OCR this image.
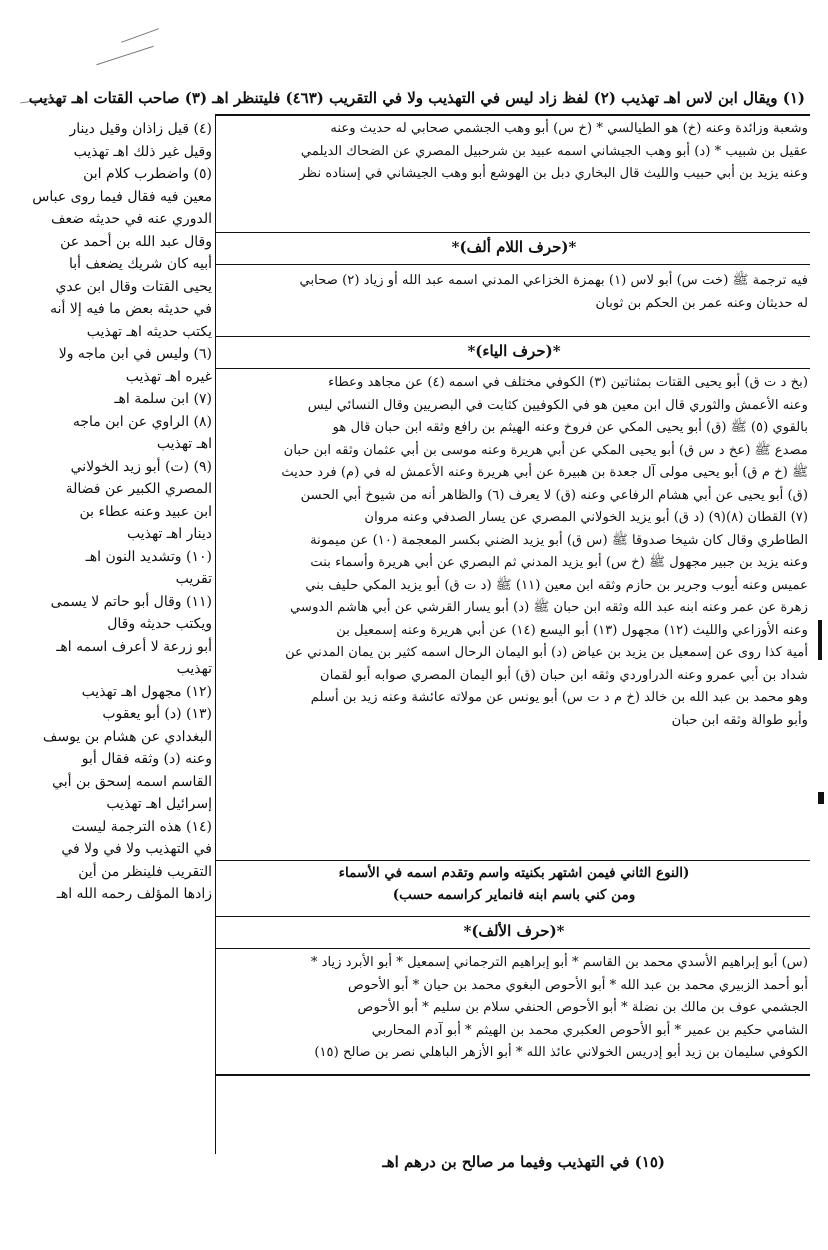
(١) ويقال ابن لاس اهـ تهذيب (٢) لفظ زاد ليس في التهذيب ولا في التقريب (٤٦٣) فليتنظر اهـ (٣) صاحب القتات اهـ تهذيب
(٤) قيل زاذان وقيل دينار
وقيل غير ذلك اهـ تهذيب
(٥) واضطرب كلام ابن
معين فيه فقال فيما روى عباس
الدوري عنه في حديثه ضعف
وقال عبد الله بن أحمد عن
أبيه كان شريك يضعف أبا
يحيى القتات وقال ابن عدي
في حديثه بعض ما فيه إلا أنه
يكتب حديثه اهـ تهذيب
(٦) وليس في ابن ماجه ولا
غيره اهـ تهذيب
(٧) ابن سلمة اهـ
(٨) الراوي عن ابن ماجه
اهـ تهذيب
(٩) (ت) أبو زيد الخولاني
المصري الكبير عن فضالة
ابن عبيد وعنه عطاء بن
دينار اهـ تهذيب
(١٠) وتشديد النون اهـ
تقريب
(١١) وقال أبو حاتم لا يسمى
ويكتب حديثه وقال
أبو زرعة لا أعرف اسمه اهـ
تهذيب
(١٢) مجهول اهـ تهذيب
(١٣) (د) أبو يعقوب
البغدادي عن هشام بن يوسف
وعنه (د) وثقه فقال أبو
القاسم اسمه إسحق بن أبي
إسرائيل اهـ تهذيب
(١٤) هذه الترجمة ليست
في التهذيب ولا في ولا في
التقريب فلينظر من أين
زادها المؤلف رحمه الله اهـ
وشعبة وزائدة وعنه (خ) هو الطيالسي * (خ س) أبو وهب الجشمي صحابي له حديث وعنه
عقيل بن شبيب * (د) أبو وهب الجيشاني اسمه عبيد بن شرحبيل المصري عن الضحاك الديلمي
وعنه يزيد بن أبي حبيب والليث قال البخاري دبل بن الهوشع أبو وهب الجيشاني في إسناده نظر
*(حرف اللام ألف)*
فيه ترجمة ﷺ (خت س) أبو لاس (١) بهمزة الخزاعي المدني اسمه عبد الله أو زياد (٢) صحابي
له حديثان وعنه عمر بن الحكم بن ثوبان
*(حرف الياء)*
(بخ د ت ق) أبو يحيى القتات بمثناتين (٣) الكوفي مختلف في اسمه (٤) عن مجاهد وعطاء
وعنه الأعمش والثوري قال ابن معين هو في الكوفيين كثابت في البصريين وقال النسائي ليس
بالقوي (٥) ﷺ (ق) أبو يحيى المكي عن فروخ وعنه الهيثم بن رافع وثقه ابن حبان قال هو
مصدع ﷺ (عخ د س ق) أبو يحيى المكي عن أبي هريرة وعنه موسى بن أبي عثمان وثقه ابن حبان
ﷺ (خ م ق) أبو يحيى مولى آل جعدة بن هبيرة عن أبي هريرة وعنه الأعمش له في (م) فرد حديث
(ق) أبو يحيى عن أبي هشام الرفاعي وعنه (ق) لا يعرف (٦) والظاهر أنه من شيوخ أبي الحسن
(٧) القطان (٨)(٩) (د ق) أبو يزيد الخولاني المصري عن يسار الصدفي وعنه مروان
الطاطري وقال كان شيخا صدوقا ﷺ (س ق) أبو يزيد الضني بكسر المعجمة (١٠) عن ميمونة
وعنه يزيد بن جبير مجهول ﷺ (خ س) أبو يزيد المدني ثم البصري عن أبي هريرة وأسماء بنت
عميس وعنه أيوب وجرير بن حازم وثقه ابن معين (١١) ﷺ (د ت ق) أبو يزيد المكي حليف بني
زهرة عن عمر وعنه ابنه عبد الله وثقه ابن حبان ﷺ (د) أبو يسار القرشي عن أبي هاشم الدوسي
وعنه الأوزاعي والليث (١٢) مجهول (١٣) أبو اليسع (١٤) عن أبي هريرة وعنه إسمعيل بن
أمية كذا روى عن إسمعيل بن يزيد بن عياض (د) أبو اليمان الرحال اسمه كثير بن يمان المدني عن
شداد بن أبي عمرو وعنه الدراوردي وثقه ابن حبان (ق) أبو اليمان المصري صوابه أبو لقمان
وهو محمد بن عبد الله بن خالد (خ م د ت س) أبو يونس عن مولاته عائشة وعنه زيد بن أسلم
وأبو طوالة وثقه ابن حبان
(النوع الثاني فيمن اشتهر بكنيته واسم وتقدم اسمه في الأسماء
ومن كني باسم ابنه فانماير كراسمه حسب)
*(حرف الألف)*
(س) أبو إبراهيم الأسدي محمد بن القاسم * أبو إبراهيم الترجماني إسمعيل * أبو الأبرد زياد *
أبو أحمد الزبيري محمد بن عبد الله * أبو الأحوص البغوي محمد بن حيان * أبو الأحوص
الجشمي عوف بن مالك بن نضلة * أبو الأحوص الحنفي سلام بن سليم * أبو الأحوص
الشامي حكيم بن عمير * أبو الأحوص العكبري محمد بن الهيثم * أبو آدم المحاربي
الكوفي سليمان بن زيد أبو إدريس الخولاني عائذ الله * أبو الأزهر الباهلي نصر بن صالح (١٥)
(١٥) في التهذيب وفيما مر صالح بن درهم اهـ
